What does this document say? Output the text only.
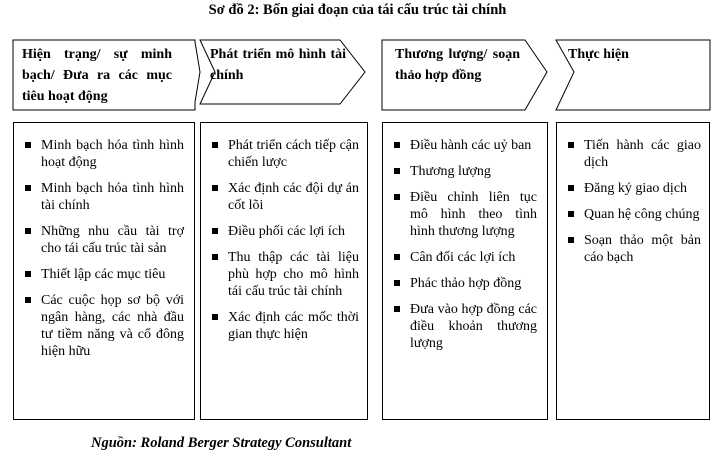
Sơ đồ 2: Bốn giai đoạn của tái cấu trúc tài chính
Hiện trạng/ sự minh bạch/ Đưa ra các mục tiêu hoạt động
Phát triển mô hình tài chính
Thương lượng/ soạn thảo hợp đồng
Thực hiện
Minh bạch hóa tình hình hoạt động
Minh bạch hóa tình hình tài chính
Những nhu cầu tài trợ cho tái cấu trúc tài sản
Thiết lập các mục tiêu
Các cuộc họp sơ bộ với ngân hàng, các nhà đầu tư tiềm năng và cổ đông hiện hữu
Phát triển cách tiếp cận chiến lược
Xác định các đội dự án cốt lõi
Điều phối các lợi ích
Thu thập các tài liệu phù hợp cho mô hình tái cấu trúc tài chính
Xác định các mốc thời gian thực hiện
Điều hành các uỷ ban
Thương lượng
Điều chỉnh liên tục mô hình theo tình hình thương lượng
Cân đối các lợi ích
Phác thảo hợp đồng
Đưa vào hợp đồng các điều khoản thương lượng
Tiến hành các giao dịch
Đăng ký giao dịch
Quan hệ công chúng
Soạn thảo một bản cáo bạch
Nguồn: Roland Berger Strategy Consultant
